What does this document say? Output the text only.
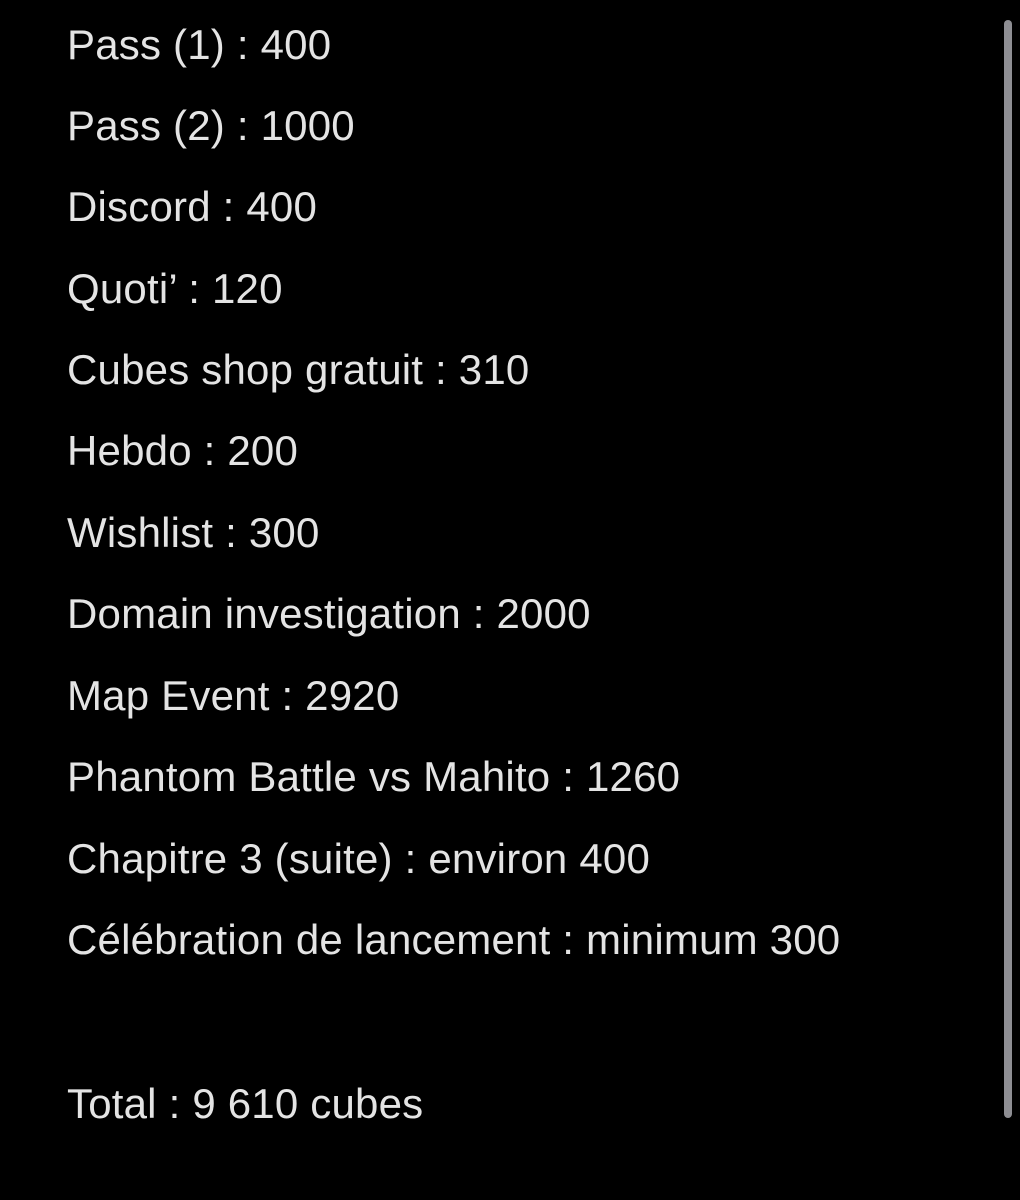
Pass (1) : 400
Pass (2) : 1000
Discord : 400
Quoti’ : 120
Cubes shop gratuit : 310
Hebdo : 200
Wishlist : 300
Domain investigation : 2000
Map Event : 2920
Phantom Battle vs Mahito : 1260
Chapitre 3 (suite) : environ 400
Célébration de lancement : minimum 300
Total : 9 610 cubes
